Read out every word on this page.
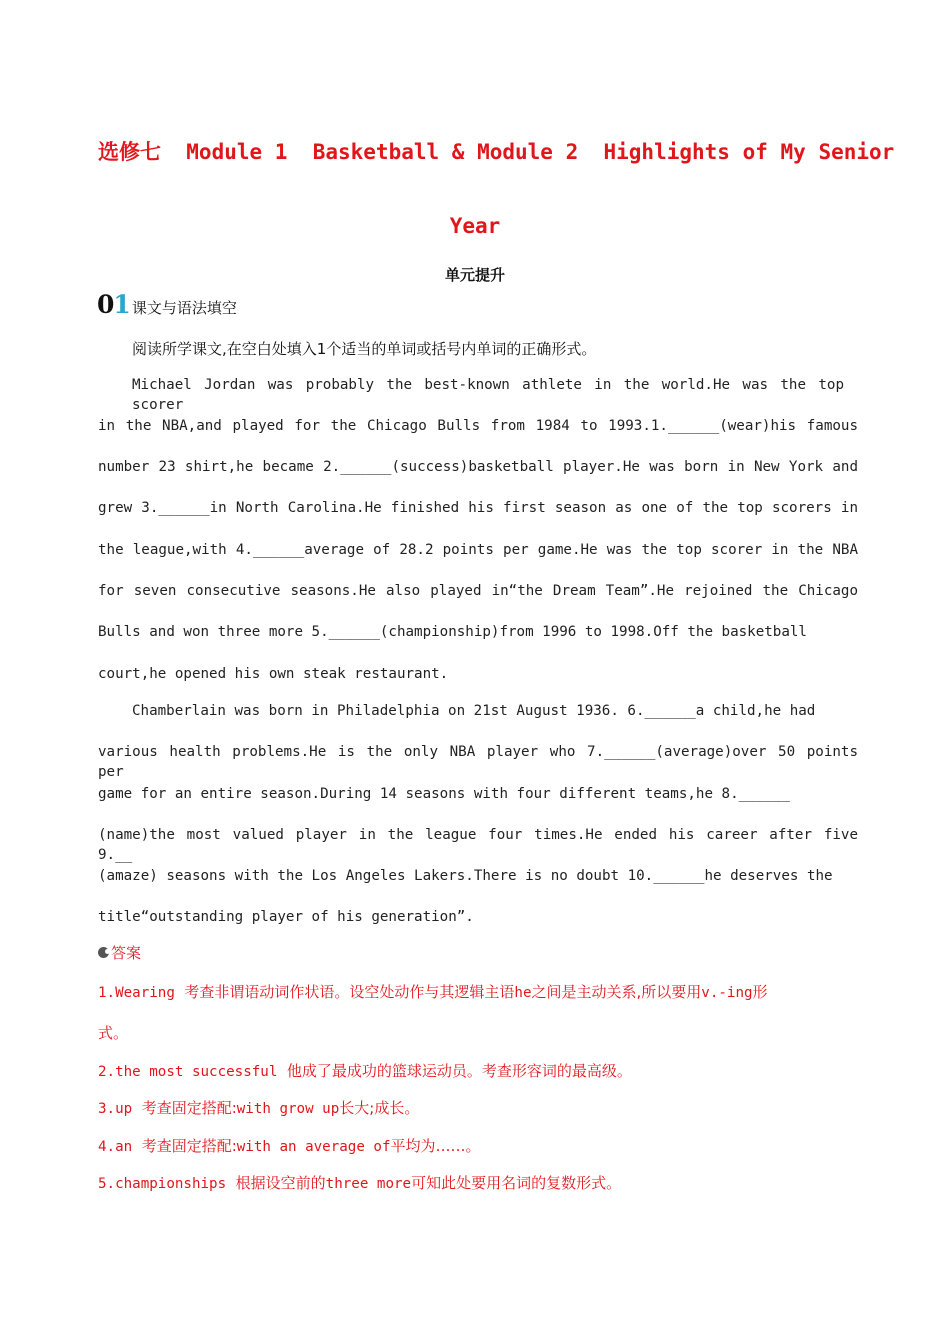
选修七  Module 1  Basketball & Module 2  Highlights of My Senior
Year
单元提升
01 课文与语法填空
阅读所学课文,在空白处填入1个适当的单词或括号内单词的正确形式。
Michael Jordan was probably the best-known athlete in the world.He was the top scorer
in the NBA,and played for the Chicago Bulls from 1984 to 1993.1.______(wear)his famous
number 23 shirt,he became 2.______(success)basketball player.He was born in New York and
grew 3.______in North Carolina.He finished his first season as one of the top scorers in
the league,with 4.______average of 28.2 points per game.He was the top scorer in the NBA
for seven consecutive seasons.He also played in“the Dream Team”.He rejoined the Chicago
Bulls and won three more 5.______(championship)from 1996 to 1998.Off the basketball
court,he opened his own steak restaurant.
Chamberlain was born in Philadelphia on 21st August 1936. 6.______a child,he had
various health problems.He is the only NBA player who 7.______(average)over 50 points per
game for an entire season.During 14 seasons with four different teams,he 8.______
(name)the most valued player in the league four times.He ended his career after five 9.__
(amaze) seasons with the Los Angeles Lakers.There is no doubt 10.______he deserves the
title“outstanding player of his generation”.
答案
1.Wearing  考查非谓语动词作状语。设空处动作与其逻辑主语he之间是主动关系,所以要用v.-ing形
式。
2.the most successful  他成了最成功的篮球运动员。考查形容词的最高级。
3.up  考查固定搭配:with grow up长大;成长。
4.an  考查固定搭配:with an average of平均为……。
5.championships  根据设空前的three more可知此处要用名词的复数形式。
